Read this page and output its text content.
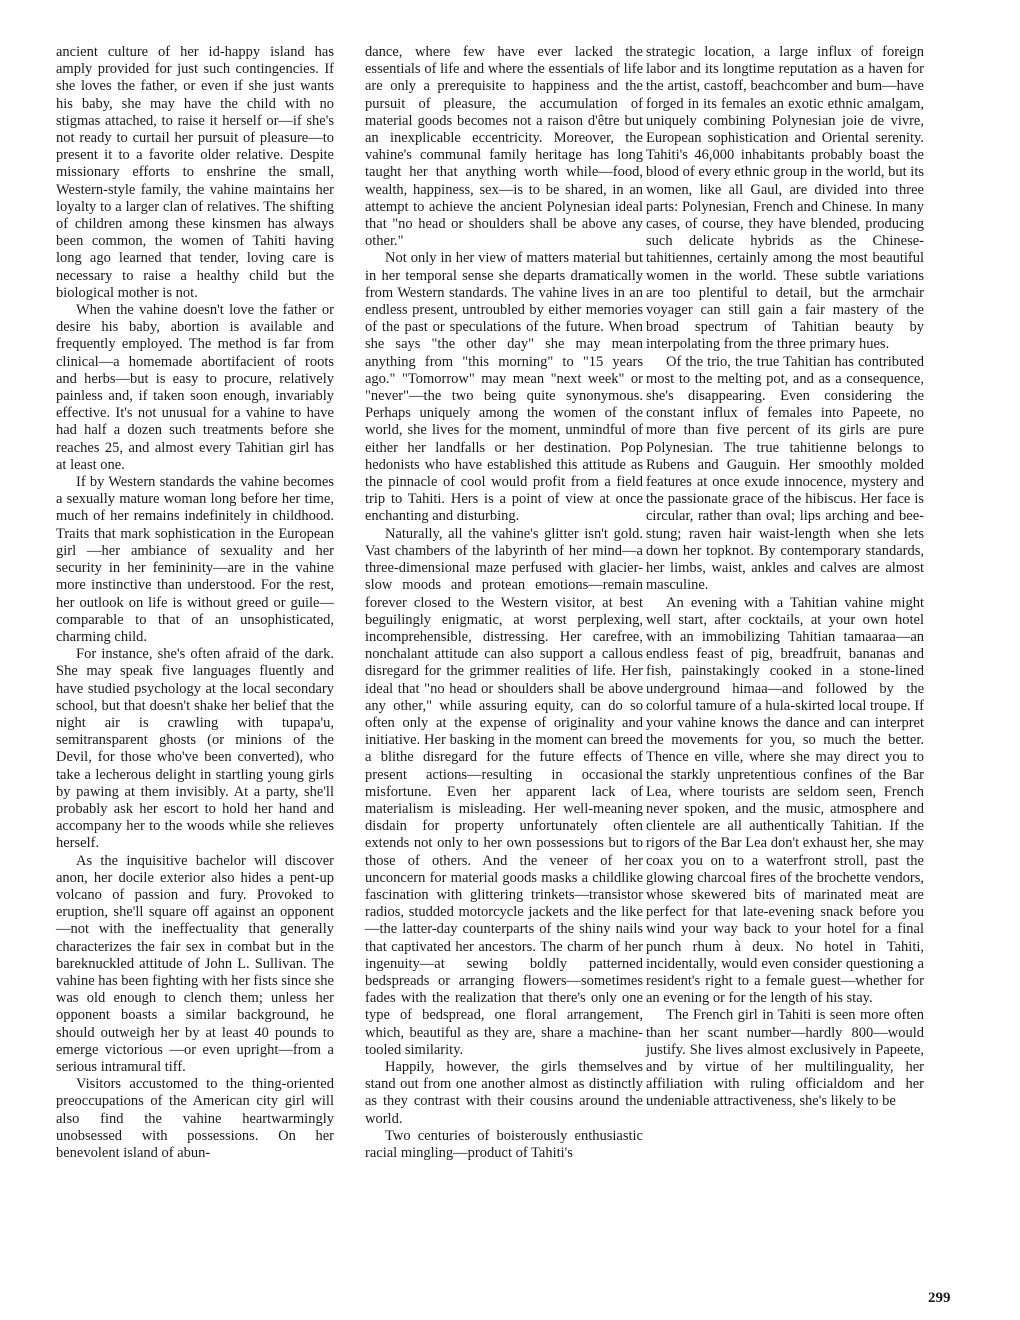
ancient culture of her id-happy island has amply provided for just such contingencies. If she loves the father, or even if she just wants his baby, she may have the child with no stigmas attached, to raise it herself or—if she's not ready to curtail her pursuit of pleasure—to present it to a favorite older relative. Despite missionary efforts to enshrine the small, Western-style family, the vahine maintains her loyalty to a larger clan of relatives. The shifting of children among these kinsmen has always been common, the women of Tahiti having long ago learned that tender, loving care is necessary to raise a healthy child but the biological mother is not.

When the vahine doesn't love the father or desire his baby, abortion is available and frequently employed. The method is far from clinical—a homemade abortifacient of roots and herbs—but is easy to procure, relatively painless and, if taken soon enough, invariably effective. It's not unusual for a vahine to have had half a dozen such treatments before she reaches 25, and almost every Tahitian girl has at least one.

If by Western standards the vahine becomes a sexually mature woman long before her time, much of her remains indefinitely in childhood. Traits that mark sophistication in the European girl —her ambiance of sexuality and her security in her femininity—are in the vahine more instinctive than understood. For the rest, her outlook on life is without greed or guile—comparable to that of an unsophisticated, charming child.

For instance, she's often afraid of the dark. She may speak five languages fluently and have studied psychology at the local secondary school, but that doesn't shake her belief that the night air is crawling with tupapa'u, semitransparent ghosts (or minions of the Devil, for those who've been converted), who take a lecherous delight in startling young girls by pawing at them invisibly. At a party, she'll probably ask her escort to hold her hand and accompany her to the woods while she relieves herself.

As the inquisitive bachelor will discover anon, her docile exterior also hides a pent-up volcano of passion and fury. Provoked to eruption, she'll square off against an opponent—not with the ineffectuality that generally characterizes the fair sex in combat but in the bareknuckled attitude of John L. Sullivan. The vahine has been fighting with her fists since she was old enough to clench them; unless her opponent boasts a similar background, he should outweigh her by at least 40 pounds to emerge victorious —or even upright—from a serious intramural tiff.

Visitors accustomed to the thing-oriented preoccupations of the American city girl will also find the vahine heartwarmingly unobsessed with possessions. On her benevolent island of abun-

dance, where few have ever lacked the essentials of life and where the essentials of life are only a prerequisite to happiness and the pursuit of pleasure, the accumulation of material goods becomes not a raison d'être but an inexplicable eccentricity. Moreover, the vahine's communal family heritage has long taught her that anything worth while—food, wealth, happiness, sex—is to be shared, in an attempt to achieve the ancient Polynesian ideal that "no head or shoulders shall be above any other."

Not only in her view of matters material but in her temporal sense she departs dramatically from Western standards. The vahine lives in an endless present, untroubled by either memories of the past or speculations of the future. When she says "the other day" she may mean anything from "this morning" to "15 years ago." "Tomorrow" may mean "next week" or "never"—the two being quite synonymous. Perhaps uniquely among the women of the world, she lives for the moment, unmindful of either her landfalls or her destination. Pop hedonists who have established this attitude as the pinnacle of cool would profit from a field trip to Tahiti. Hers is a point of view at once enchanting and disturbing.

Naturally, all the vahine's glitter isn't gold. Vast chambers of the labyrinth of her mind—a three-dimensional maze perfused with glacier-slow moods and protean emotions—remain forever closed to the Western visitor, at best beguilingly enigmatic, at worst perplexing, incomprehensible, distressing. Her carefree, nonchalant attitude can also support a callous disregard for the grimmer realities of life. Her ideal that "no head or shoulders shall be above any other," while assuring equity, can do so often only at the expense of originality and initiative. Her basking in the moment can breed a blithe disregard for the future effects of present actions—resulting in occasional misfortune. Even her apparent lack of materialism is misleading. Her well-meaning disdain for property unfortunately often extends not only to her own possessions but to those of others. And the veneer of her unconcern for material goods masks a childlike fascination with glittering trinkets—transistor radios, studded motorcycle jackets and the like—the latter-day counterparts of the shiny nails that captivated her ancestors. The charm of her ingenuity—at sewing boldly patterned bedspreads or arranging flowers—sometimes fades with the realization that there's only one type of bedspread, one floral arrangement, which, beautiful as they are, share a machine-tooled similarity.

Happily, however, the girls themselves stand out from one another almost as distinctly as they contrast with their cousins around the world.

Two centuries of boisterously enthusiastic racial mingling—product of Tahiti's

strategic location, a large influx of foreign labor and its longtime reputation as a haven for the artist, castoff, beachcomber and bum—have forged in its females an exotic ethnic amalgam, uniquely combining Polynesian joie de vivre, European sophistication and Oriental serenity. Tahiti's 46,000 inhabitants probably boast the blood of every ethnic group in the world, but its women, like all Gaul, are divided into three parts: Polynesian, French and Chinese. In many cases, of course, they have blended, producing such delicate hybrids as the Chinese-tahitiennes, certainly among the most beautiful women in the world. These subtle variations are too plentiful to detail, but the armchair voyager can still gain a fair mastery of the broad spectrum of Tahitian beauty by interpolating from the three primary hues.

Of the trio, the true Tahitian has contributed most to the melting pot, and as a consequence, she's disappearing. Even considering the constant influx of females into Papeete, no more than five percent of its girls are pure Polynesian. The true tahitienne belongs to Rubens and Gauguin. Her smoothly molded features at once exude innocence, mystery and the passionate grace of the hibiscus. Her face is circular, rather than oval; lips arching and bee-stung; raven hair waist-length when she lets down her topknot. By contemporary standards, her limbs, waist, ankles and calves are almost masculine.

An evening with a Tahitian vahine might well start, after cocktails, at your own hotel with an immobilizing Tahitian tamaaraa—an endless feast of pig, breadfruit, bananas and fish, painstakingly cooked in a stone-lined underground himaa—and followed by the colorful tamure of a hula-skirted local troupe. If your vahine knows the dance and can interpret the movements for you, so much the better. Thence en ville, where she may direct you to the starkly unpretentious confines of the Bar Lea, where tourists are seldom seen, French never spoken, and the music, atmosphere and clientele are all authentically Tahitian. If the rigors of the Bar Lea don't exhaust her, she may coax you on to a waterfront stroll, past the glowing charcoal fires of the brochette vendors, whose skewered bits of marinated meat are perfect for that late-evening snack before you wind your way back to your hotel for a final punch rhum à deux. No hotel in Tahiti, incidentally, would even consider questioning a resident's right to a female guest—whether for an evening or for the length of his stay.

The French girl in Tahiti is seen more often than her scant number—hardly 800—would justify. She lives almost exclusively in Papeete, and by virtue of her multilinguality, her affiliation with ruling officialdom and her undeniable attractiveness, she's likely to be

299
